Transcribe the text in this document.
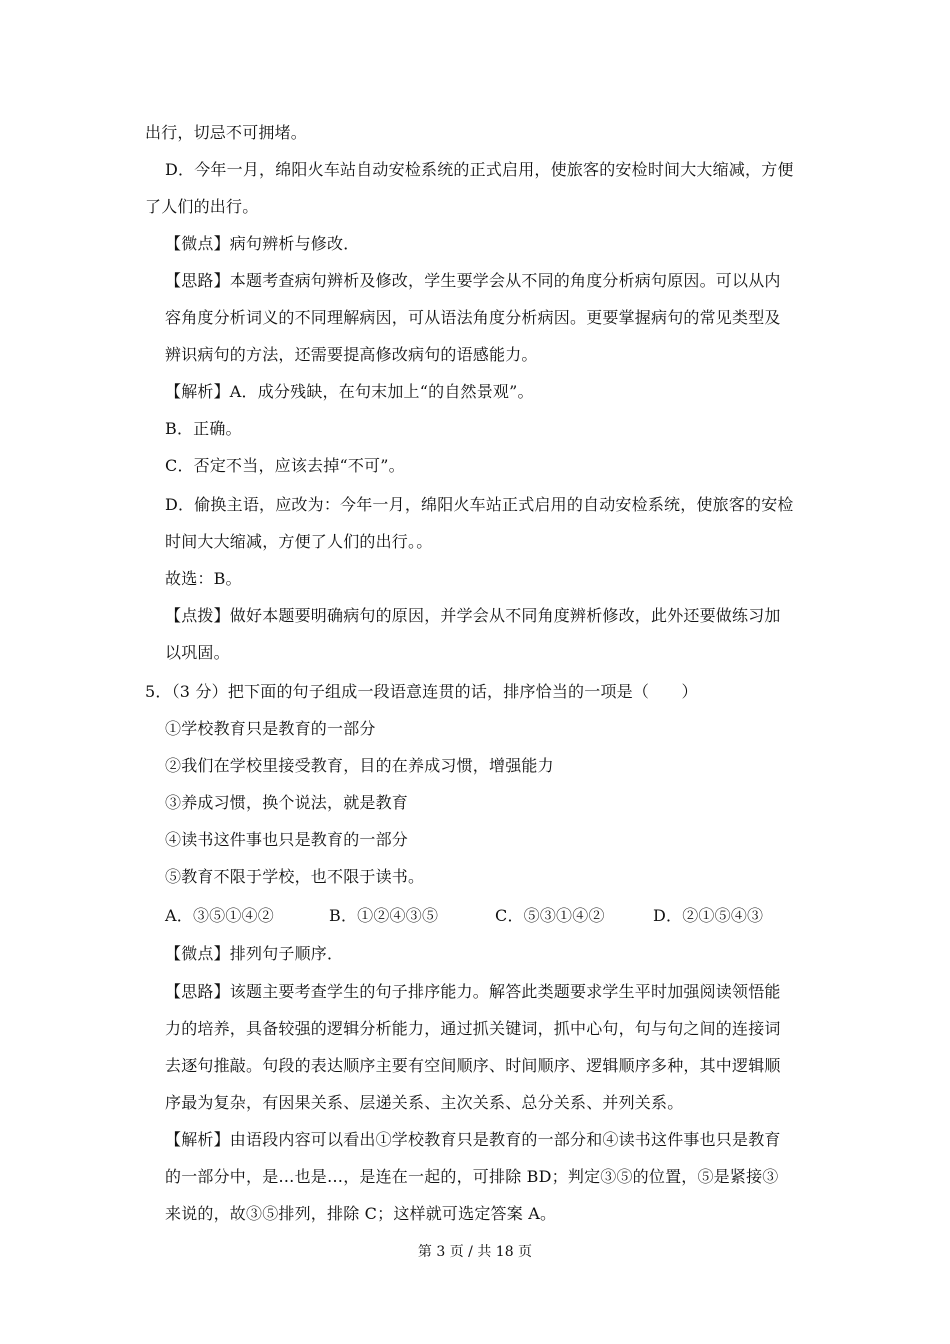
出行，切忌不可拥堵。
D．今年一月，绵阳火车站自动安检系统的正式启用，使旅客的安检时间大大缩减，方便
了人们的出行。
【微点】病句辨析与修改．
【思路】本题考查病句辨析及修改，学生要学会从不同的角度分析病句原因。可以从内
容角度分析词义的不同理解病因，可从语法角度分析病因。更要掌握病句的常见类型及
辨识病句的方法，还需要提高修改病句的语感能力。
【解析】A．成分残缺，在句末加上“的自然景观”。
B．正确。
C．否定不当，应该去掉“不可”。
D．偷换主语，应改为：今年一月，绵阳火车站正式启用的自动安检系统，使旅客的安检
时间大大缩减，方便了人们的出行。。
故选：B。
【点拨】做好本题要明确病句的原因，并学会从不同角度辨析修改，此外还要做练习加
以巩固。
5．（3 分）把下面的句子组成一段语意连贯的话，排序恰当的一项是（　　）
①学校教育只是教育的一部分
②我们在学校里接受教育，目的在养成习惯，增强能力
③养成习惯，换个说法，就是教育
④读书这件事也只是教育的一部分
⑤教育不限于学校，也不限于读书。
A．③⑤①④②	B．①②④③⑤	C．⑤③①④②	D．②①⑤④③
【微点】排列句子顺序．
【思路】该题主要考查学生的句子排序能力。解答此类题要求学生平时加强阅读领悟能
力的培养，具备较强的逻辑分析能力，通过抓关键词，抓中心句，句与句之间的连接词
去逐句推敲。句段的表达顺序主要有空间顺序、时间顺序、逻辑顺序多种，其中逻辑顺
序最为复杂，有因果关系、层递关系、主次关系、总分关系、并列关系。
【解析】由语段内容可以看出①学校教育只是教育的一部分和④读书这件事也只是教育
的一部分中，是…也是…，是连在一起的，可排除 BD；判定③⑤的位置，⑤是紧接③
来说的，故③⑤排列，排除 C；这样就可选定答案 A。
第 3 页 / 共 18 页
